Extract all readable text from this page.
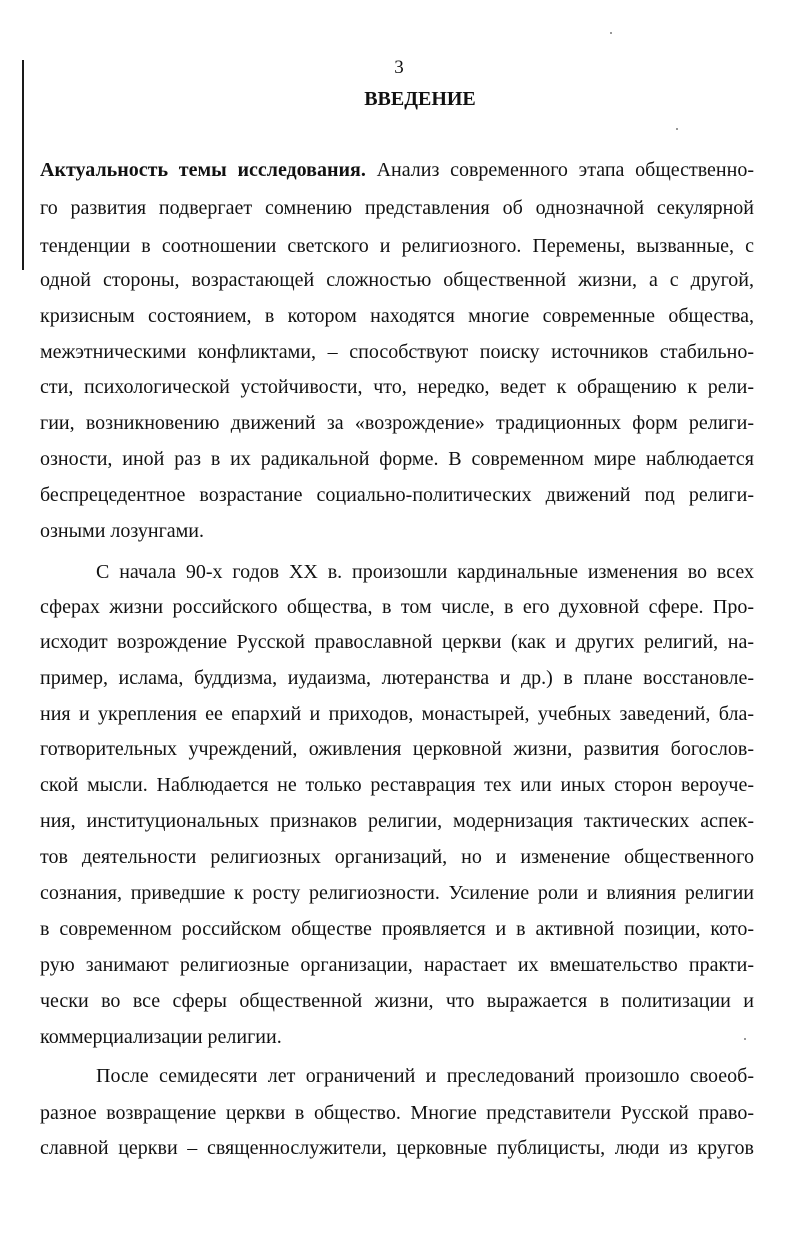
3
ВВЕДЕНИЕ
Актуальность темы исследования. Анализ современного этапа общественно-
го развития подвергает сомнению представления об однозначной секулярной
тенденции в соотношении светского и религиозного. Перемены, вызванные, с
одной стороны, возрастающей сложностью общественной жизни, а с другой,
кризисным состоянием, в котором находятся многие современные общества,
межэтническими конфликтами, – способствуют поиску источников стабильно-
сти, психологической устойчивости, что, нередко, ведет к обращению к рели-
гии, возникновению движений за «возрождение» традиционных форм религи-
озности, иной раз в их радикальной форме. В современном мире наблюдается
беспрецедентное возрастание социально-политических движений под религи-
озными лозунгами.
С начала 90-х годов XX в. произошли кардинальные изменения во всех
сферах жизни российского общества, в том числе, в его духовной сфере. Про-
исходит возрождение Русской православной церкви (как и других религий, на-
пример, ислама, буддизма, иудаизма, лютеранства и др.) в плане восстановле-
ния и укрепления ее епархий и приходов, монастырей, учебных заведений, бла-
готворительных учреждений, оживления церковной жизни, развития богослов-
ской мысли. Наблюдается не только реставрация тех или иных сторон вероуче-
ния, институциональных признаков религии, модернизация тактических аспек-
тов деятельности религиозных организаций, но и изменение общественного
сознания, приведшие к росту религиозности. Усиление роли и влияния религии
в современном российском обществе проявляется и в активной позиции, кото-
рую занимают религиозные организации, нарастает их вмешательство практи-
чески во все сферы общественной жизни, что выражается в политизации и
коммерциализации религии.
После семидесяти лет ограничений и преследований произошло своеоб-
разное возвращение церкви в общество. Многие представители Русской право-
славной церкви – священнослужители, церковные публицисты, люди из кругов
